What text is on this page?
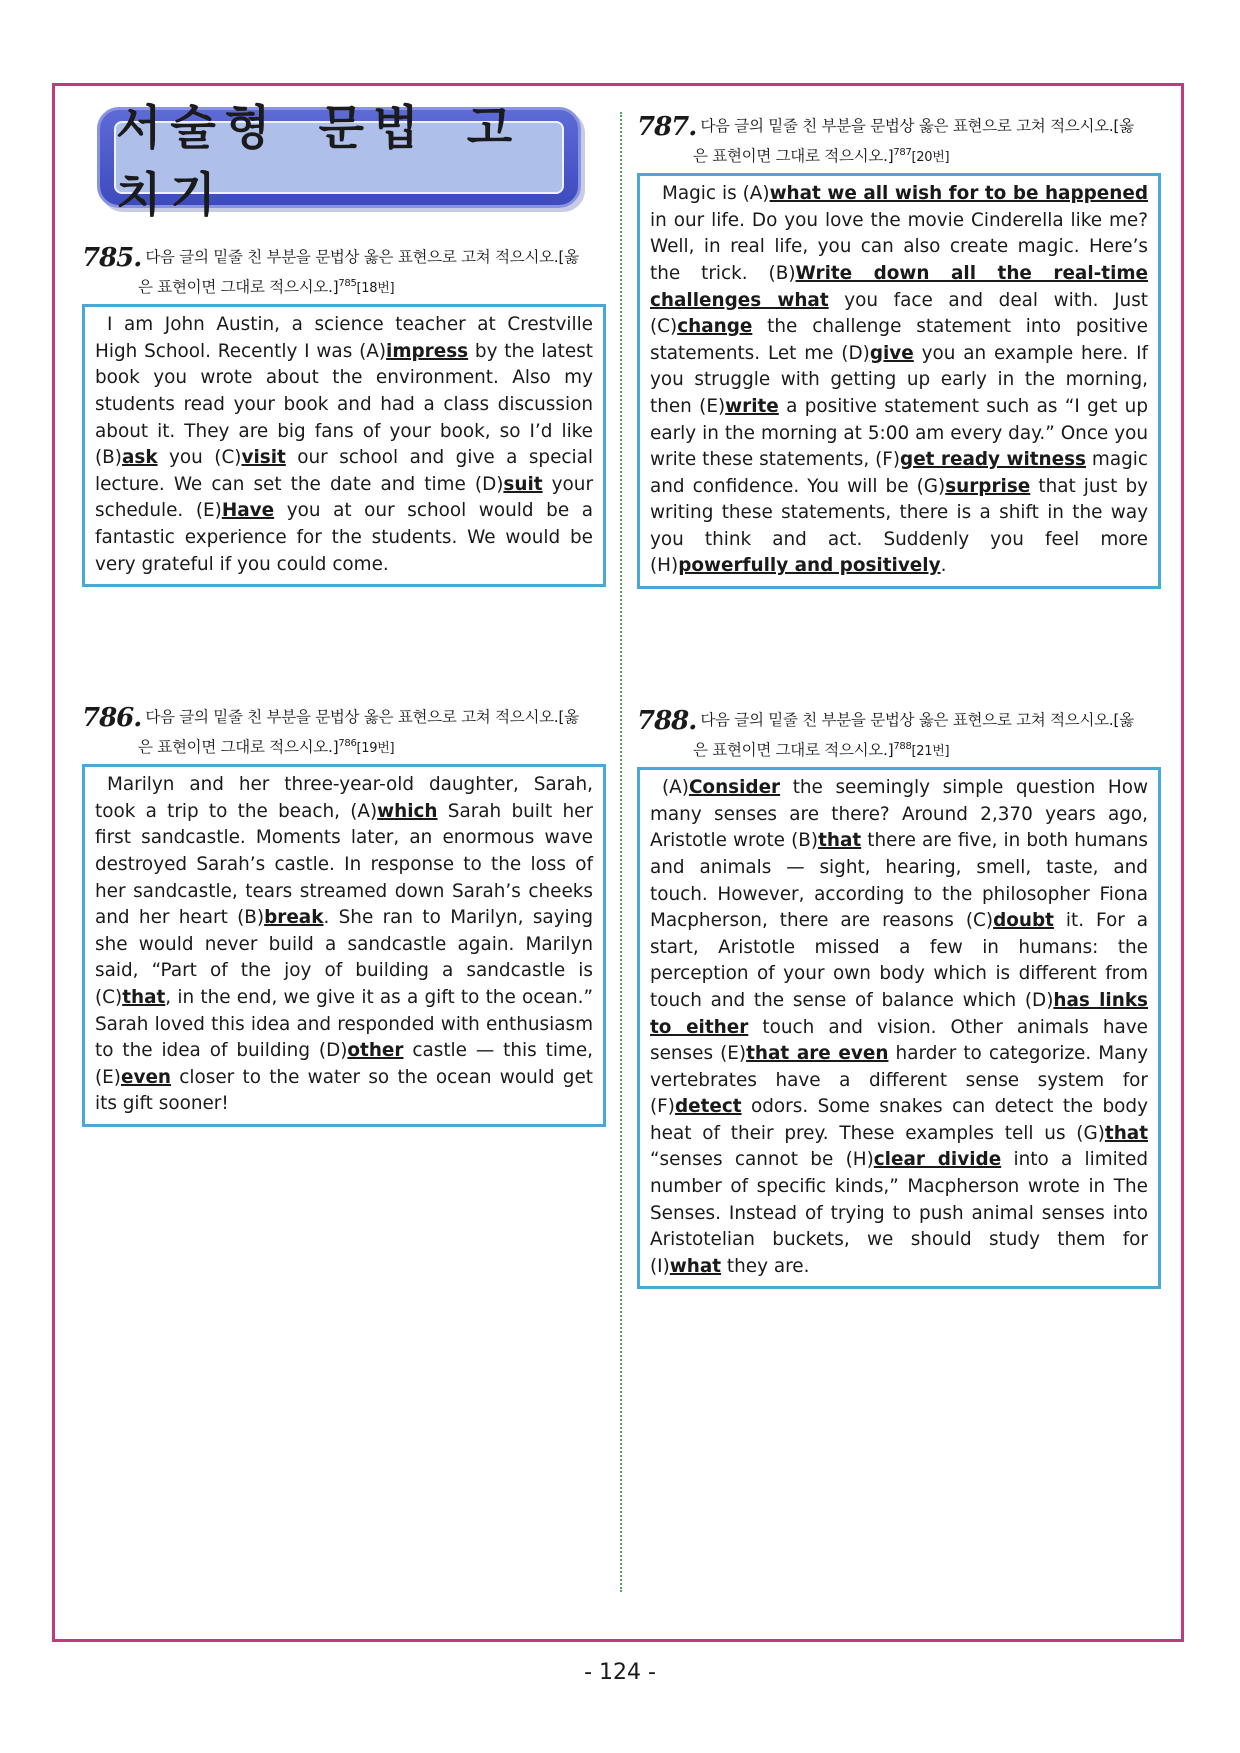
서술형 문법 고치기
785. 다음 글의 밑줄 친 부분을 문법상 옳은 표현으로 고쳐 적으시오.[옳
은 표현이면 그대로 적으시오.]$^{785}$[18번]
I am John Austin, a science teacher at Crestville High School. Recently I was (A)impress by the latest book you wrote about the environment. Also my students read your book and had a class discussion about it. They are big fans of your book, so I’d like (B)ask you (C)visit our school and give a special lecture. We can set the date and time (D)suit your schedule. (E)Have you at our school would be a fantastic experience for the students. We would be very grateful if you could come.
786. 다음 글의 밑줄 친 부분을 문법상 옳은 표현으로 고쳐 적으시오.[옳
은 표현이면 그대로 적으시오.]$^{786}$[19번]
Marilyn and her three-year-old daughter, Sarah, took a trip to the beach, (A)which Sarah built her first sandcastle. Moments later, an enormous wave destroyed Sarah’s castle. In response to the loss of her sandcastle, tears streamed down Sarah’s cheeks and her heart (B)break. She ran to Marilyn, saying she would never build a sandcastle again. Marilyn said, “Part of the joy of building a sandcastle is (C)that, in the end, we give it as a gift to the ocean.” Sarah loved this idea and responded with enthusiasm to the idea of building (D)other castle — this time, (E)even closer to the water so the ocean would get its gift sooner!
787. 다음 글의 밑줄 친 부분을 문법상 옳은 표현으로 고쳐 적으시오.[옳
은 표현이면 그대로 적으시오.]$^{787}$[20번]
Magic is (A)what we all wish for to be happened in our life. Do you love the movie Cinderella like me? Well, in real life, you can also create magic. Here’s the trick. (B)Write down all the real-time challenges what you face and deal with. Just (C)change the challenge statement into positive statements. Let me (D)give you an example here. If you struggle with getting up early in the morning, then (E)write a positive statement such as “I get up early in the morning at 5:00 am every day.” Once you write these statements, (F)get ready witness magic and confidence. You will be (G)surprise that just by writing these statements, there is a shift in the way you think and act. Suddenly you feel more (H)powerfully and positively.
788. 다음 글의 밑줄 친 부분을 문법상 옳은 표현으로 고쳐 적으시오.[옳
은 표현이면 그대로 적으시오.]$^{788}$[21번]
(A)Consider the seemingly simple question How many senses are there? Around 2,370 years ago, Aristotle wrote (B)that there are five, in both humans and animals — sight, hearing, smell, taste, and touch. However, according to the philosopher Fiona Macpherson, there are reasons (C)doubt it. For a start, Aristotle missed a few in humans: the perception of your own body which is different from touch and the sense of balance which (D)has links to either touch and vision. Other animals have senses (E)that are even harder to categorize. Many vertebrates have a different sense system for (F)detect odors. Some snakes can detect the body heat of their prey. These examples tell us (G)that “senses cannot be (H)clear divide into a limited number of specific kinds,” Macpherson wrote in The Senses. Instead of trying to push animal senses into Aristotelian buckets, we should study them for (I)what they are.
- 124 -
